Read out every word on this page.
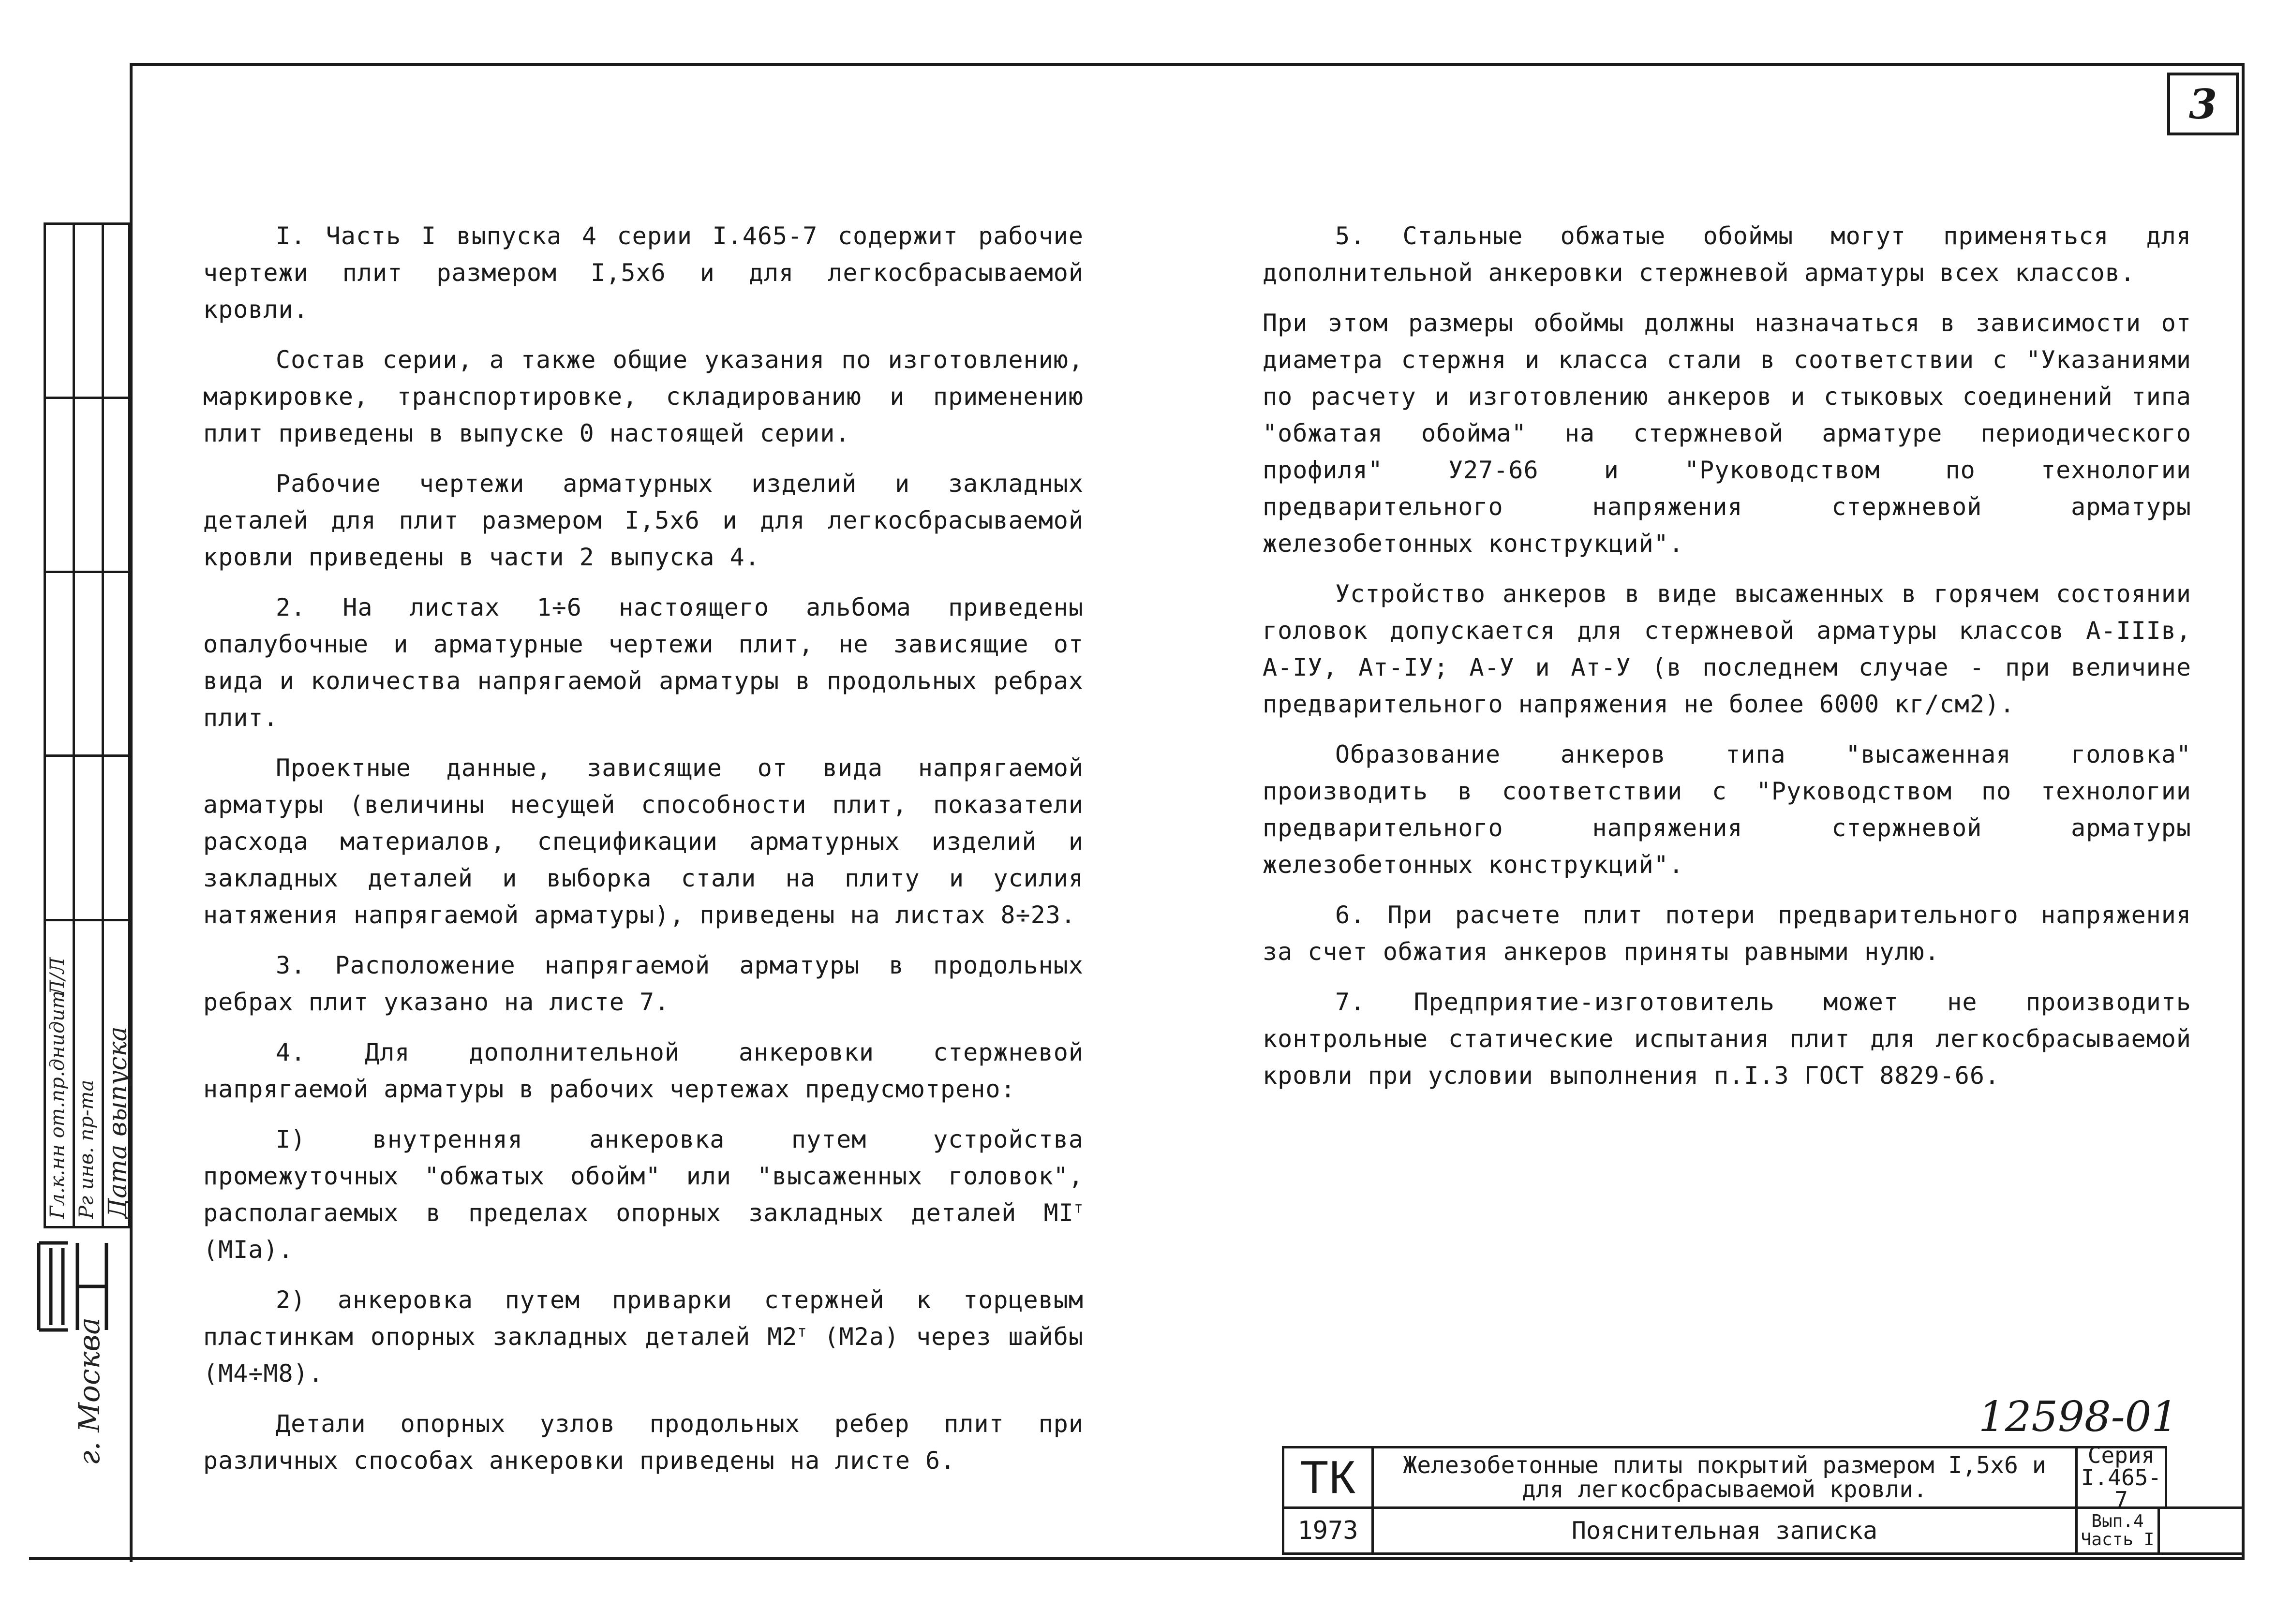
3

I. Часть I выпуска 4 серии I.465-7 содержит рабочие чертежи плит размером I,5х6 и для легкосбрасываемой кровли.

Состав серии, а также общие указания по изготовлению, маркировке, транспортировке, складированию и применению плит приведены в выпуске 0 настоящей серии.

Рабочие чертежи арматурных изделий и закладных деталей для плит размером I,5х6 и для легкосбрасываемой кровли приведены в части 2 выпуска 4.

2. На листах 1÷6 настоящего альбома приведены опалубочные и арматурные чертежи плит, не зависящие от вида и количества напрягаемой арматуры в продольных ребрах плит.

Проектные данные, зависящие от вида напрягаемой арматуры (величины несущей способности плит, показатели расхода материалов, спецификации арматурных изделий и закладных деталей и выборка стали на плиту и усилия натяжения напрягаемой арматуры), приведены на листах 8÷23.

3. Расположение напрягаемой арматуры в продольных ребрах плит указано на листе 7.

4. Для дополнительной анкеровки стержневой напрягаемой арматуры в рабочих чертежах предусмотрено:

I) внутренняя анкеровка путем устройства промежуточных "обжатых обойм" или "высаженных головок", располагаемых в пределах опорных закладных деталей $МI^т$ (МIа).

2) анкеровка путем приварки стержней к торцевым пластинкам опорных закладных деталей $М2^т$ (М2а) через шайбы (М4÷М8).

Детали опорных узлов продольных ребер плит при различных способах анкеровки приведены на листе 6.

5. Стальные обжатые обоймы могут применяться для дополнительной анкеровки стержневой арматуры всех классов.

При этом размеры обоймы должны назначаться в зависимости от диаметра стержня и класса стали в соответствии с "Указаниями по расчету и изготовлению анкеров и стыковых соединений типа "обжатая обойма" на стержневой арматуре периодического профиля" У27-66 и "Руководством по технологии предварительного напряжения стержневой арматуры железобетонных конструкций".

Устройство анкеров в виде высаженных в горячем состоянии головок допускается для стержневой арматуры классов А-IIIв, А-IУ, Ат-IУ; А-У и Ат-У (в последнем случае - при величине предварительного напряжения не более 6000 кг/см2).

Образование анкеров типа "высаженная головка" производить в соответствии с "Руководством по технологии предварительного напряжения стержневой арматуры железобетонных конструкций".

6. При расчете плит потери предварительного напряжения за счет обжатия анкеров приняты равными нулю.

7. Предприятие-изготовитель может не производить контрольные статические испытания плит для легкосбрасываемой кровли при условии выполнения п.I.3 ГОСТ 8829-66.

Гл.к.нн от.пр.днидит
Л/Л
Рг инв. пр-та Дата выпуска
г. Москва	12598-01
ТК	Железобетонные плиты покрытий размером I,5х6 и для легкосбрасываемой кровли.
Серия
I.465-7
1973	Пояснительная записка	Вып.4
Часть I
